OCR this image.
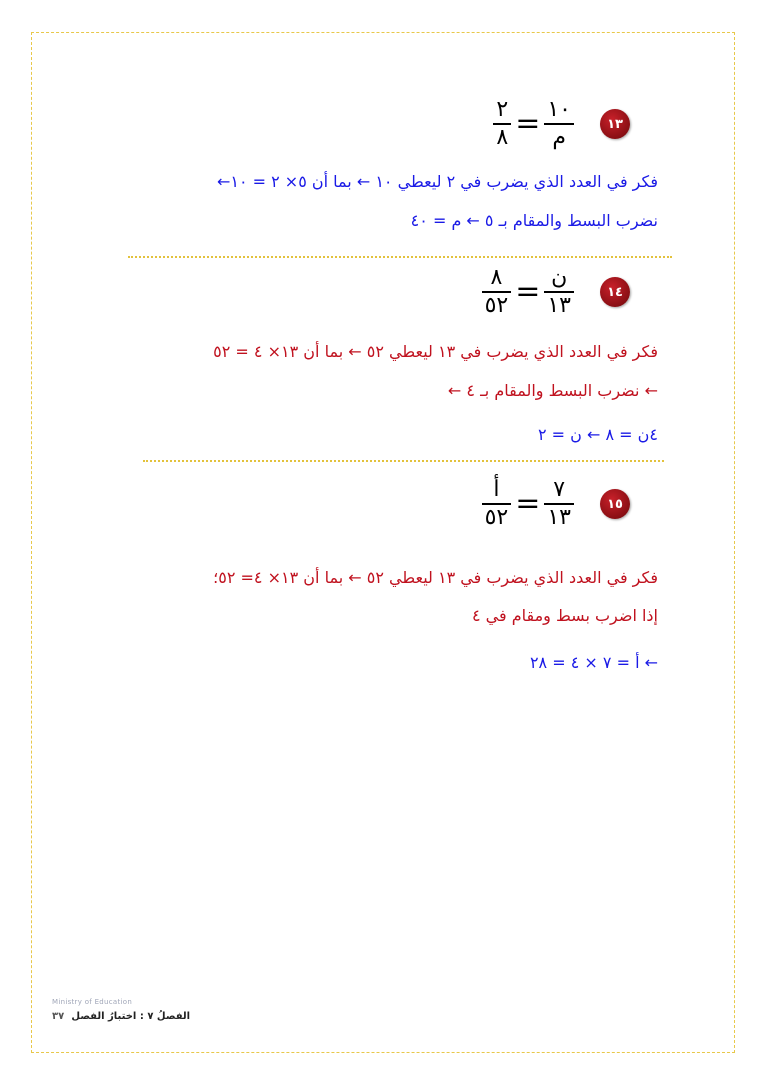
١٣
$\frac{١٠}{\text{م}}$
=
$\frac{٢}{٨}$
فكر في العدد الذي يضرب في ٢ ليعطي ١٠ ← بما أن ٥× ٢ = ١٠←
نضرب البسط والمقام بـ ٥ ← م = ٤٠
١٤
$\frac{\text{ن}}{١٣}$
=
$\frac{٨}{٥٢}$
فكر في العدد الذي يضرب في ١٣ ليعطي ٥٢ ← بما أن ١٣× ٤ = ٥٢
← نضرب البسط والمقام بـ ٤ ←
٤ن = ٨ ← ن = ٢
١٥
$\frac{٧}{١٣}$
=
$\frac{\text{أ}}{٥٢}$
فكر في العدد الذي يضرب في ١٣ ليعطي ٥٢ ← بما أن ١٣× ٤= ٥٢؛
إذا اضرب بسط ومقام في ٤
← أ = ٧ × ٤ = ٢٨
Ministry of Education
الفصلُ ٧ : اختبارُ الفصل ٣٧
